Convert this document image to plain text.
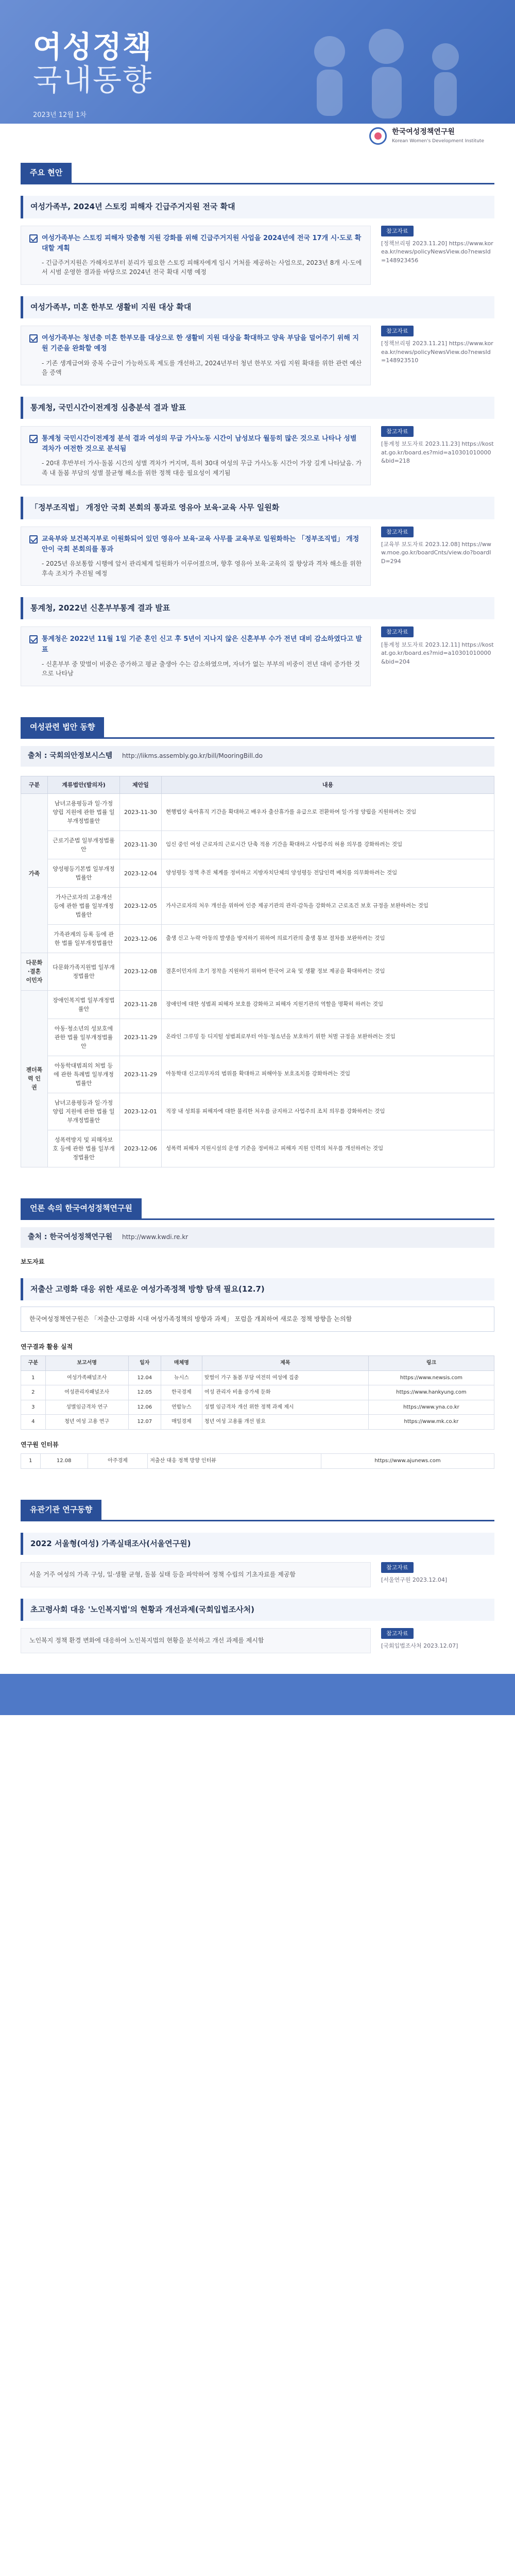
여성정책
국내동향
2023년 12월 1차
한국여성정책연구원
Korean Women's Development Institute
주요 현안
여성가족부, 2024년 스토킹 피해자 긴급주거지원 전국 확대
여성가족부는 스토킹 피해자 맞춤형 지원 강화를 위해 긴급주거지원 사업을 2024년에 전국 17개 시·도로 확대할 계획
- 긴급주거지원은 가해자로부터 분리가 필요한 스토킹 피해자에게 임시 거처를 제공하는 사업으로, 2023년 8개 시·도에서 시범 운영한 결과를 바탕으로 2024년 전국 확대 시행 예정
참고자료
[정책브리핑 2023.11.20] https://www.korea.kr/news/policyNewsView.do?newsId=148923456
여성가족부, 미혼 한부모 생활비 지원 대상 확대
여성가족부는 청년층 미혼 한부모를 대상으로 한 생활비 지원 대상을 확대하고 양육 부담을 덜어주기 위해 지원 기준을 완화할 예정
- 기존 생계급여와 중복 수급이 가능하도록 제도를 개선하고, 2024년부터 청년 한부모 자립 지원 확대를 위한 관련 예산을 증액
참고자료
[정책브리핑 2023.11.21] https://www.korea.kr/news/policyNewsView.do?newsId=148923510
통계청, 국민시간이전계정 심층분석 결과 발표
통계청 국민시간이전계정 분석 결과 여성의 무급 가사노동 시간이 남성보다 월등히 많은 것으로 나타나 성별 격차가 여전한 것으로 분석됨
- 20대 후반부터 가사·돌봄 시간의 성별 격차가 커지며, 특히 30대 여성의 무급 가사노동 시간이 가장 길게 나타났음. 가족 내 돌봄 부담의 성별 불균형 해소를 위한 정책 대응 필요성이 제기됨
참고자료
[통계청 보도자료 2023.11.23] https://kostat.go.kr/board.es?mid=a10301010000&bid=218
「정부조직법」 개정안 국회 본회의 통과로 영유아 보육·교육 사무 일원화
교육부와 보건복지부로 이원화되어 있던 영유아 보육·교육 사무를 교육부로 일원화하는 「정부조직법」 개정안이 국회 본회의를 통과
- 2025년 유보통합 시행에 앞서 관리체계 일원화가 이루어졌으며, 향후 영유아 보육·교육의 질 향상과 격차 해소를 위한 후속 조치가 추진될 예정
참고자료
[교육부 보도자료 2023.12.08] https://www.moe.go.kr/boardCnts/view.do?boardID=294
통계청, 2022년 신혼부부통계 결과 발표
통계청은 2022년 11월 1일 기준 혼인 신고 후 5년이 지나지 않은 신혼부부 수가 전년 대비 감소하였다고 발표
- 신혼부부 중 맞벌이 비중은 증가하고 평균 출생아 수는 감소하였으며, 자녀가 없는 부부의 비중이 전년 대비 증가한 것으로 나타남
참고자료
[통계청 보도자료 2023.12.11] https://kostat.go.kr/board.es?mid=a10301010000&bid=204
여성관련 법안 동향
출처 : 국회의안정보시스템 http://likms.assembly.go.kr/bill/MooringBill.do
구분	계류법안(발의자)	제안일	내용
가족	남녀고용평등과 일·가정 양립 지원에 관한 법률 일부개정법률안	2023-11-30	현행법상 육아휴직 기간을 확대하고 배우자 출산휴가를 유급으로 전환하여 일·가정 양립을 지원하려는 것임
	근로기준법 일부개정법률안	2023-11-30	임신 중인 여성 근로자의 근로시간 단축 적용 기간을 확대하고 사업주의 허용 의무를 강화하려는 것임
	양성평등기본법 일부개정법률안	2023-12-04	양성평등 정책 추진 체계를 정비하고 지방자치단체의 양성평등 전담인력 배치를 의무화하려는 것임
	가사근로자의 고용개선 등에 관한 법률 일부개정법률안	2023-12-05	가사근로자의 처우 개선을 위하여 인증 제공기관의 관리·감독을 강화하고 근로조건 보호 규정을 보완하려는 것임
	가족관계의 등록 등에 관한 법률 일부개정법률안	2023-12-06	출생 신고 누락 아동의 발생을 방지하기 위하여 의료기관의 출생 통보 절차를 보완하려는 것임
다문화·결혼이민자	다문화가족지원법 일부개정법률안	2023-12-08	결혼이민자의 초기 정착을 지원하기 위하여 한국어 교육 및 생활 정보 제공을 확대하려는 것임
젠더폭력 인권	장애인복지법 일부개정법률안	2023-11-28	장애인에 대한 성범죄 피해자 보호를 강화하고 피해자 지원기관의 역할을 명확히 하려는 것임
	아동·청소년의 성보호에 관한 법률 일부개정법률안	2023-11-29	온라인 그루밍 등 디지털 성범죄로부터 아동·청소년을 보호하기 위한 처벌 규정을 보완하려는 것임
	아동학대범죄의 처벌 등에 관한 특례법 일부개정법률안	2023-11-29	아동학대 신고의무자의 범위를 확대하고 피해아동 보호조치를 강화하려는 것임
	남녀고용평등과 일·가정 양립 지원에 관한 법률 일부개정법률안	2023-12-01	직장 내 성희롱 피해자에 대한 불리한 처우를 금지하고 사업주의 조치 의무를 강화하려는 것임
	성폭력방지 및 피해자보호 등에 관한 법률 일부개정법률안	2023-12-06	성폭력 피해자 지원시설의 운영 기준을 정비하고 피해자 지원 인력의 처우를 개선하려는 것임
언론 속의 한국여성정책연구원
출처 : 한국여성정책연구원 http://www.kwdi.re.kr
보도자료
저출산 고령화 대응 위한 새로운 여성가족정책 방향 탐색 필요(12.7)
한국여성정책연구원은 「저출산·고령화 시대 여성가족정책의 방향과 과제」 포럼을 개최하여 새로운 정책 방향을 논의함
연구결과 활용 실적
구분	보고서명	일자	매체명	제목	링크
1	여성가족패널조사	12.04	뉴시스	맞벌이 가구 돌봄 부담 여전히 여성에 집중	https://www.newsis.com
2	여성관리자패널조사	12.05	한국경제	여성 관리자 비율 증가세 둔화	https://www.hankyung.com
3	성별임금격차 연구	12.06	연합뉴스	성별 임금격차 개선 위한 정책 과제 제시	https://www.yna.co.kr
4	청년 여성 고용 연구	12.07	매일경제	청년 여성 고용률 개선 필요	https://www.mk.co.kr
연구원 인터뷰
1	12.08	아주경제	저출산 대응 정책 방향 인터뷰	https://www.ajunews.com
유관기관 연구동향
2022 서울형(여성) 가족실태조사(서울연구원)
서울 거주 여성의 가족 구성, 일·생활 균형, 돌봄 실태 등을 파악하여 정책 수립의 기초자료를 제공함
참고자료
[서울연구원 2023.12.04]
초고령사회 대응 '노인복지법'의 현황과 개선과제(국회입법조사처)
노인복지 정책 환경 변화에 대응하여 노인복지법의 현황을 분석하고 개선 과제를 제시함
참고자료
[국회입법조사처 2023.12.07]
